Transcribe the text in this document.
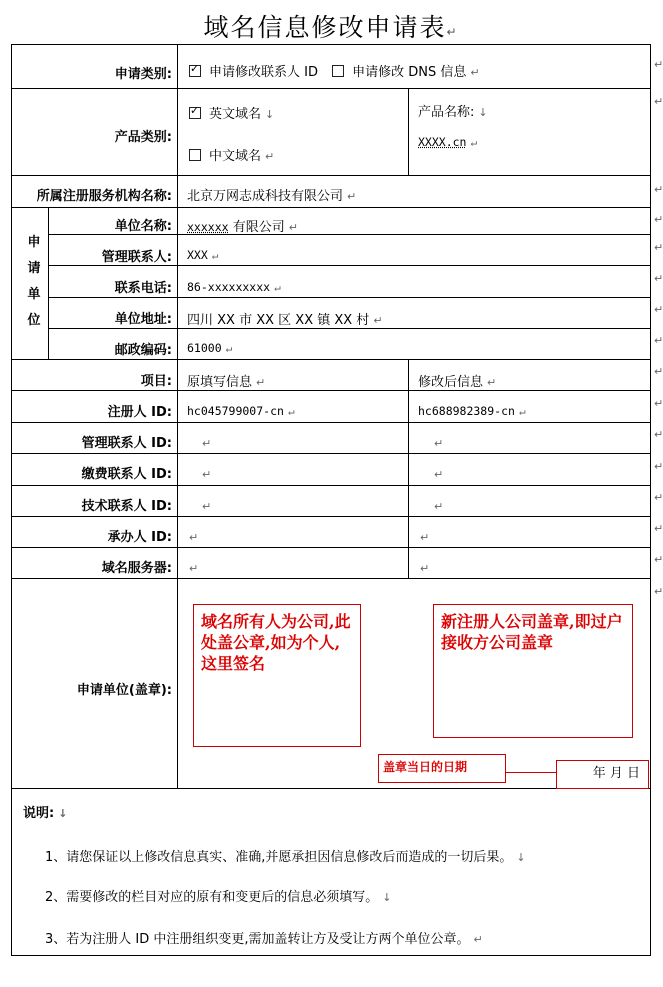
域名信息修改申请表↵
申请类别:
✓	申请修改联系人 ID	申请修改 DNS 信息 ↵
产品类别:
✓英文域名 ↓
中文域名 ↵
产品名称: ↓
XXXX.cn ↵
所属注册服务机构名称: 北京万网志成科技有限公司 ↵
申
请
单
位
单位名称: xxxxxx 有限公司 ↵
管理联系人: XXX ↵
联系电话: 86-xxxxxxxxx ↵
单位地址: 四川 XX 市 XX 区 XX 镇 XX 村 ↵
邮政编码: 61000 ↵
项目: 原填写信息 ↵	修改后信息 ↵
注册人 ID: hc045799007-cn ↵	hc688982389-cn ↵
管理联系人 ID:	↵	↵
缴费联系人 ID:	↵	↵
技术联系人 ID:	↵	↵
承办人 ID: ↵	↵
域名服务器: ↵	↵
申请单位(盖章):
域名所有人为公司,此处盖公章,如为个人,这里签名
新注册人公司盖章,即过户接收方公司盖章
盖章当日的日期	年 月 日
说明: ↓
1、请您保证以上修改信息真实、准确,并愿承担因信息修改后而造成的一切后果。 ↓
2、需要修改的栏目对应的原有和变更后的信息必须填写。 ↓
3、若为注册人 ID 中注册组织变更,需加盖转让方及受让方两个单位公章。 ↵
↵
↵
↵
↵
↵
↵
↵
↵
↵
↵
↵
↵
↵
↵
↵
↵
